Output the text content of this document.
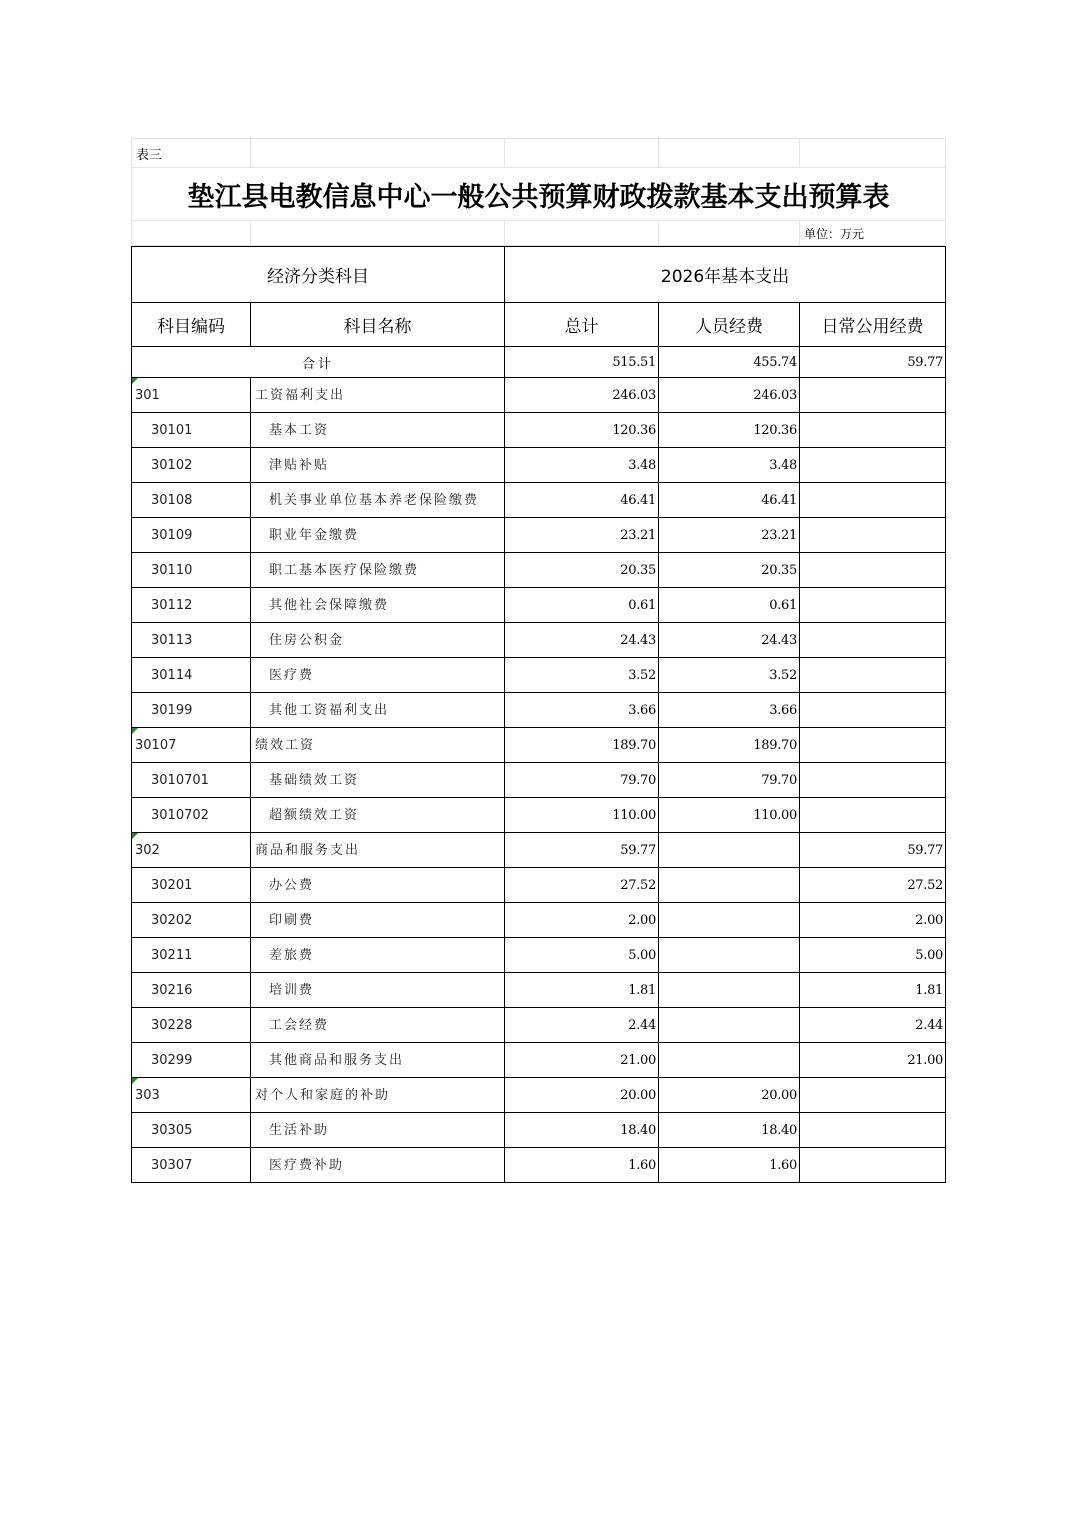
表三				
垫江县电教信息中心一般公共预算财政拨款基本支出预算表				
				单位：万元
经济分类科目		2026年基本支出		
科目编码	科目名称	总计	人员经费	日常公用经费
合计		515.51	455.74	59.77

301	工资福利支出	246.03	246.03	
30101	基本工资	120.36	120.36	
30102	津贴补贴	3.48	3.48	
30108	机关事业单位基本养老保险缴费	46.41	46.41	
30109	职业年金缴费	23.21	23.21	
30110	职工基本医疗保险缴费	20.35	20.35	
30112	其他社会保障缴费	0.61	0.61	
30113	住房公积金	24.43	24.43	
30114	医疗费	3.52	3.52	
30199	其他工资福利支出	3.66	3.66	

30107	绩效工资	189.70	189.70	
3010701	基础绩效工资	79.70	79.70	
3010702	超额绩效工资	110.00	110.00	

302	商品和服务支出	59.77		59.77
30201	办公费	27.52		27.52
30202	印刷费	2.00		2.00
30211	差旅费	5.00		5.00
30216	培训费	1.81		1.81
30228	工会经费	2.44		2.44
30299	其他商品和服务支出	21.00		21.00

303	对个人和家庭的补助	20.00	20.00	
30305	生活补助	18.40	18.40	
30307	医疗费补助	1.60	1.60	
